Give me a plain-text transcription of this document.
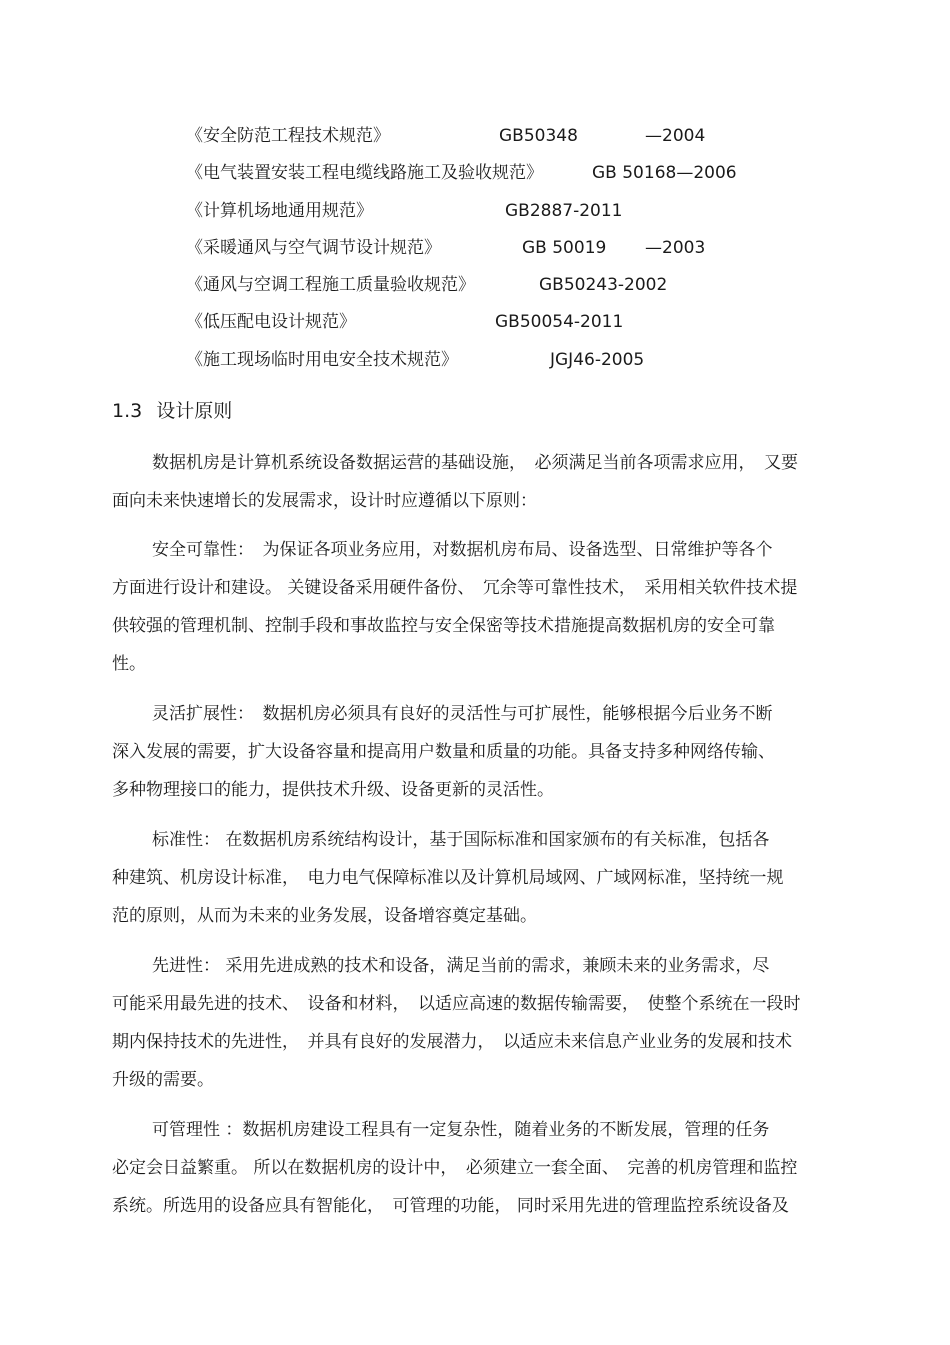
《安全防范工程技术规范》	GB50348	—2004
《电气装置安装工程电缆线路施工及验收规范》	GB 50168—2006
《计算机场地通用规范》	GB2887-2011
《采暖通风与空气调节设计规范》	GB 50019 —2003
《通风与空调工程施工质量验收规范》	GB50243-2002
《低压配电设计规范》	GB50054-2011
《施工现场临时用电安全技术规范》	JGJ46-2005
1.3 设计原则
数据机房是计算机系统设备数据运营的基础设施，　必须满足当前各项需求应用，　又要
面向未来快速增长的发展需求，设计时应遵循以下原则：
安全可靠性：　为保证各项业务应用，对数据机房布局、设备选型、日常维护等各个
方面进行设计和建设。 关键设备采用硬件备份、　冗余等可靠性技术，　采用相关软件技术提
供较强的管理机制、控制手段和事故监控与安全保密等技术措施提高数据机房的安全可靠
性。
灵活扩展性：　数据机房必须具有良好的灵活性与可扩展性，能够根据今后业务不断
深入发展的需要，扩大设备容量和提高用户数量和质量的功能。具备支持多种网络传输、
多种物理接口的能力，提供技术升级、设备更新的灵活性。
标准性： 在数据机房系统结构设计，基于国际标准和国家颁布的有关标准，包括各
种建筑、机房设计标准，　电力电气保障标准以及计算机局域网、广域网标准，坚持统一规
范的原则，从而为未来的业务发展，设备增容奠定基础。
先进性： 采用先进成熟的技术和设备，满足当前的需求，兼顾未来的业务需求，尽
可能采用最先进的技术、　设备和材料，　以适应高速的数据传输需要，　使整个系统在一段时
期内保持技术的先进性，　并具有良好的发展潜力，　以适应未来信息产业业务的发展和技术
升级的需要。
可管理性 ：数据机房建设工程具有一定复杂性，随着业务的不断发展，管理的任务
必定会日益繁重。 所以在数据机房的设计中，　必须建立一套全面、　完善的机房管理和监控
系统。所选用的设备应具有智能化，　可管理的功能， 同时采用先进的管理监控系统设备及
